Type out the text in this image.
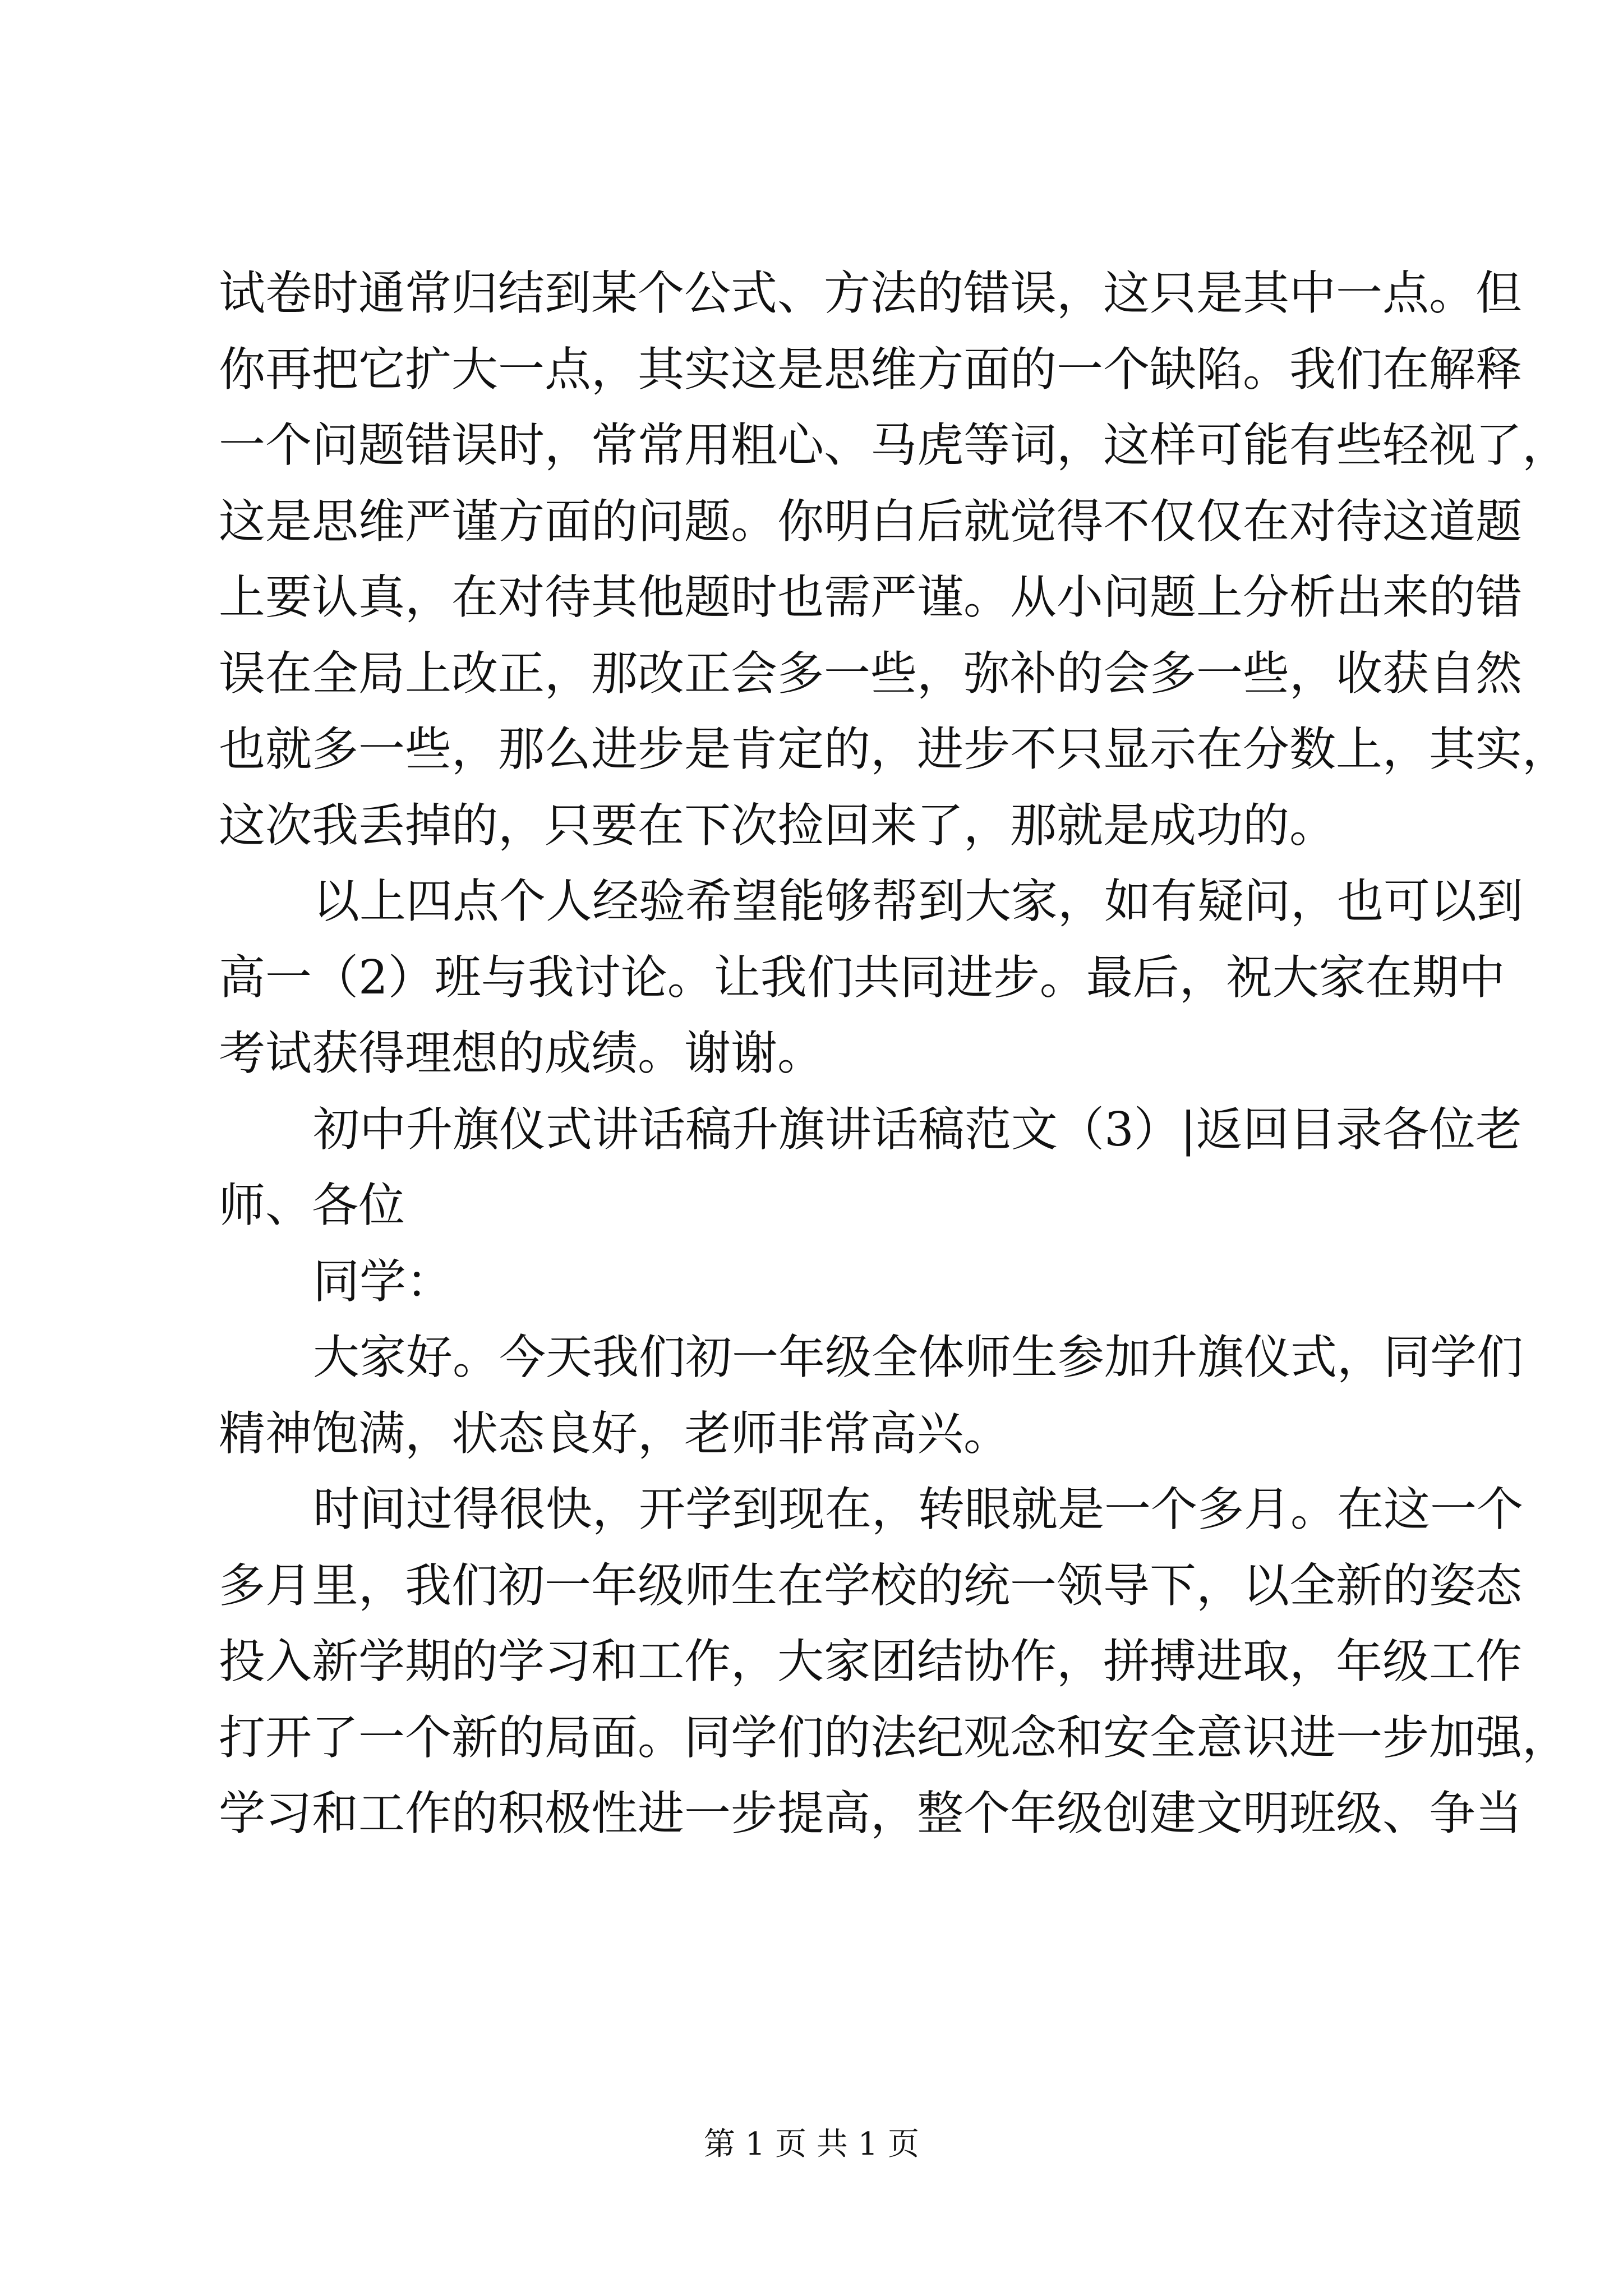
试卷时通常归结到某个公式、方法的错误，这只是其中一点。但
你再把它扩大一点，其实这是思维方面的一个缺陷。我们在解释
一个问题错误时，常常用粗心、马虎等词，这样可能有些轻视了，
这是思维严谨方面的问题。你明白后就觉得不仅仅在对待这道题
上要认真，在对待其他题时也需严谨。从小问题上分析出来的错
误在全局上改正，那改正会多一些，弥补的会多一些，收获自然
也就多一些，那么进步是肯定的，进步不只显示在分数上，其实，
这次我丢掉的，只要在下次捡回来了，那就是成功的。
以上四点个人经验希望能够帮到大家，如有疑问，也可以到
高一（2）班与我讨论。让我们共同进步。最后，祝大家在期中
考试获得理想的成绩。谢谢。
初中升旗仪式讲话稿升旗讲话稿范文（3）|返回目录各位老
师、各位
同学：
大家好。今天我们初一年级全体师生参加升旗仪式，同学们
精神饱满，状态良好，老师非常高兴。
时间过得很快，开学到现在，转眼就是一个多月。在这一个
多月里，我们初一年级师生在学校的统一领导下，以全新的姿态
投入新学期的学习和工作，大家团结协作，拼搏进取，年级工作
打开了一个新的局面。同学们的法纪观念和安全意识进一步加强，
学习和工作的积极性进一步提高，整个年级创建文明班级、争当
第 1 页 共 1 页
